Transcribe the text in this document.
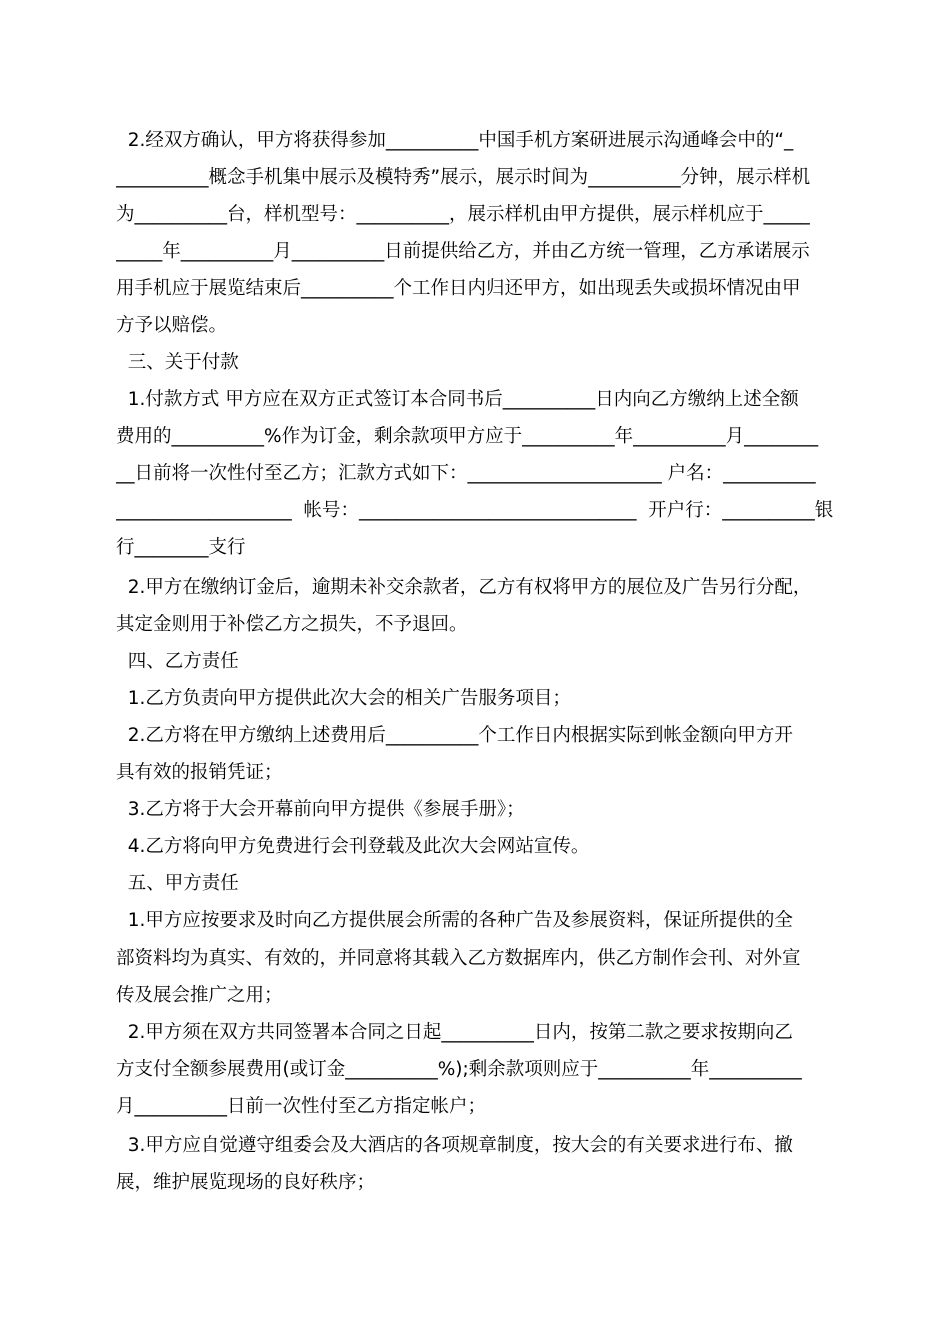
2.经双方确认，甲方将获得参加__________中国手机方案研进展示沟通峰会中的“_
__________概念手机集中展示及模特秀”展示，展示时间为__________分钟，展示样机
为__________台，样机型号：__________，展示样机由甲方提供，展示样机应于_____
_____年__________月__________日前提供给乙方，并由乙方统一管理，乙方承诺展示
用手机应于展览结束后__________个工作日内归还甲方，如出现丢失或损坏情况由甲
方予以赔偿。
三、关于付款
1.付款方式 甲方应在双方正式签订本合同书后__________日内向乙方缴纳上述全额
费用的__________%作为订金，剩余款项甲方应于__________年__________月________
__日前将一次性付至乙方；汇款方式如下：_____________________ 户名：__________
___________________  帐号：______________________________  开户行：__________银
行________支行
2.甲方在缴纳订金后，逾期未补交余款者，乙方有权将甲方的展位及广告另行分配，
其定金则用于补偿乙方之损失，不予退回。
四、乙方责任
1.乙方负责向甲方提供此次大会的相关广告服务项目；
2.乙方将在甲方缴纳上述费用后__________个工作日内根据实际到帐金额向甲方开
具有效的报销凭证；
3.乙方将于大会开幕前向甲方提供《参展手册》；
4.乙方将向甲方免费进行会刊登载及此次大会网站宣传。
五、甲方责任
1.甲方应按要求及时向乙方提供展会所需的各种广告及参展资料，保证所提供的全
部资料均为真实、有效的，并同意将其载入乙方数据库内，供乙方制作会刊、对外宣
传及展会推广之用；
2.甲方须在双方共同签署本合同之日起__________日内，按第二款之要求按期向乙
方支付全额参展费用(或订金__________%);剩余款项则应于__________年__________
月__________日前一次性付至乙方指定帐户；
3.甲方应自觉遵守组委会及大酒店的各项规章制度，按大会的有关要求进行布、撤
展，维护展览现场的良好秩序；
